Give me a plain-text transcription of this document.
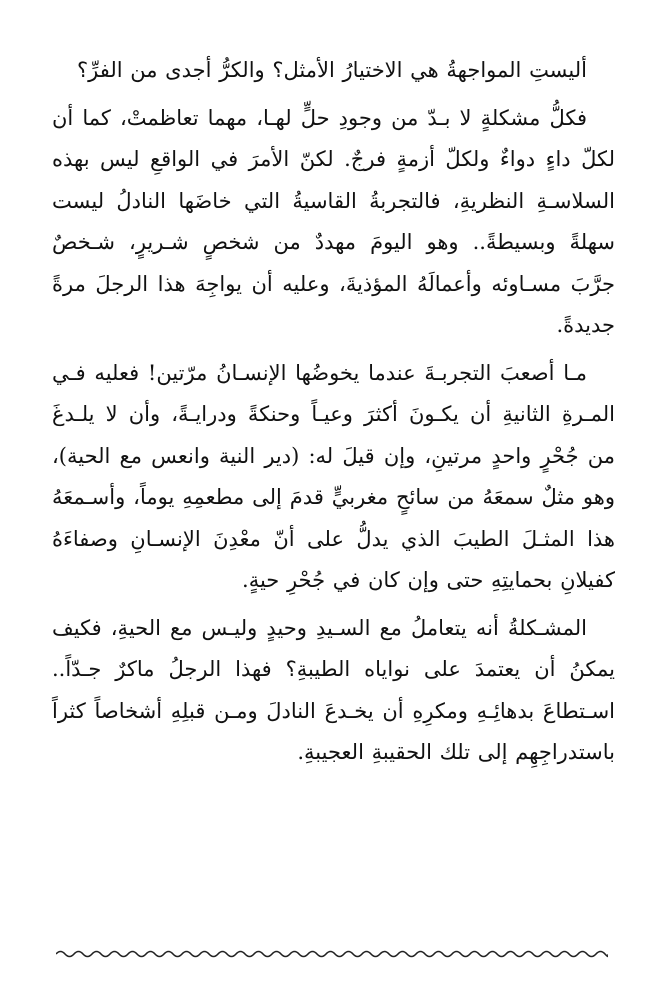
أليستِ المواجهةُ هي الاختيارُ الأمثل؟ والكرُّ أجدى من الفرِّ؟

فكلُّ مشكلةٍ لا بـدّ من وجودِ حلٍّ لهـا، مهما تعاظمتْ، كما أن لكلّ داءٍ دواءٌ ولكلّ أزمةٍ فرجٌ. لكنّ الأمرَ في الواقعِ ليس بهذه السلاسـةِ النظريةِ، فالتجربةُ القاسيةُ التي خاضَها النادلُ ليست سهلةً وبسيطةً.. وهو اليومَ مهددٌ من شخصٍ شـريرٍ، شـخصٌ جرَّبَ مسـاوئه وأعمالَهُ المؤذيةَ، وعليه أن يواجِهَ هذا الرجلَ مرةً جديدةً.

مـا أصعبَ التجربـةَ عندما يخوضُها الإنسـانُ مرّتين! فعليه فـي المـرةِ الثانيةِ أن يكـونَ أكثرَ وعيـاً وحنكةً ودرايـةً، وأن لا يلـدغَ من جُحْرٍ واحدٍ مرتينِ، وإن قيلَ له: (دير النية وانعس مع الحية)، وهو مثلٌ سمعَهُ من سائحٍ مغربيٍّ قدمَ إلى مطعمِهِ يوماً، وأسـمعَهُ هذا المثـلَ الطيبَ الذي يدلُّ على أنّ معْدِنَ الإنسـانِ وصفاءَهُ كفيلانِ بحمايتِهِ حتى وإن كان في جُحْرِ حيةٍ.

المشـكلةُ أنه يتعاملُ مع السـيدِ وحيدٍ وليـس مع الحيةِ، فكيف يمكنُ أن يعتمدَ على نواياه الطيبةِ؟ فهذا الرجلُ ماكرٌ جـدّاً.. اسـتطاعَ بدهائِـهِ ومكرِهِ أن يخـدعَ النادلَ ومـن قبلِهِ أشخاصاً كثراً باستدراجِهِم إلى تلك الحقيبةِ العجيبةِ.
